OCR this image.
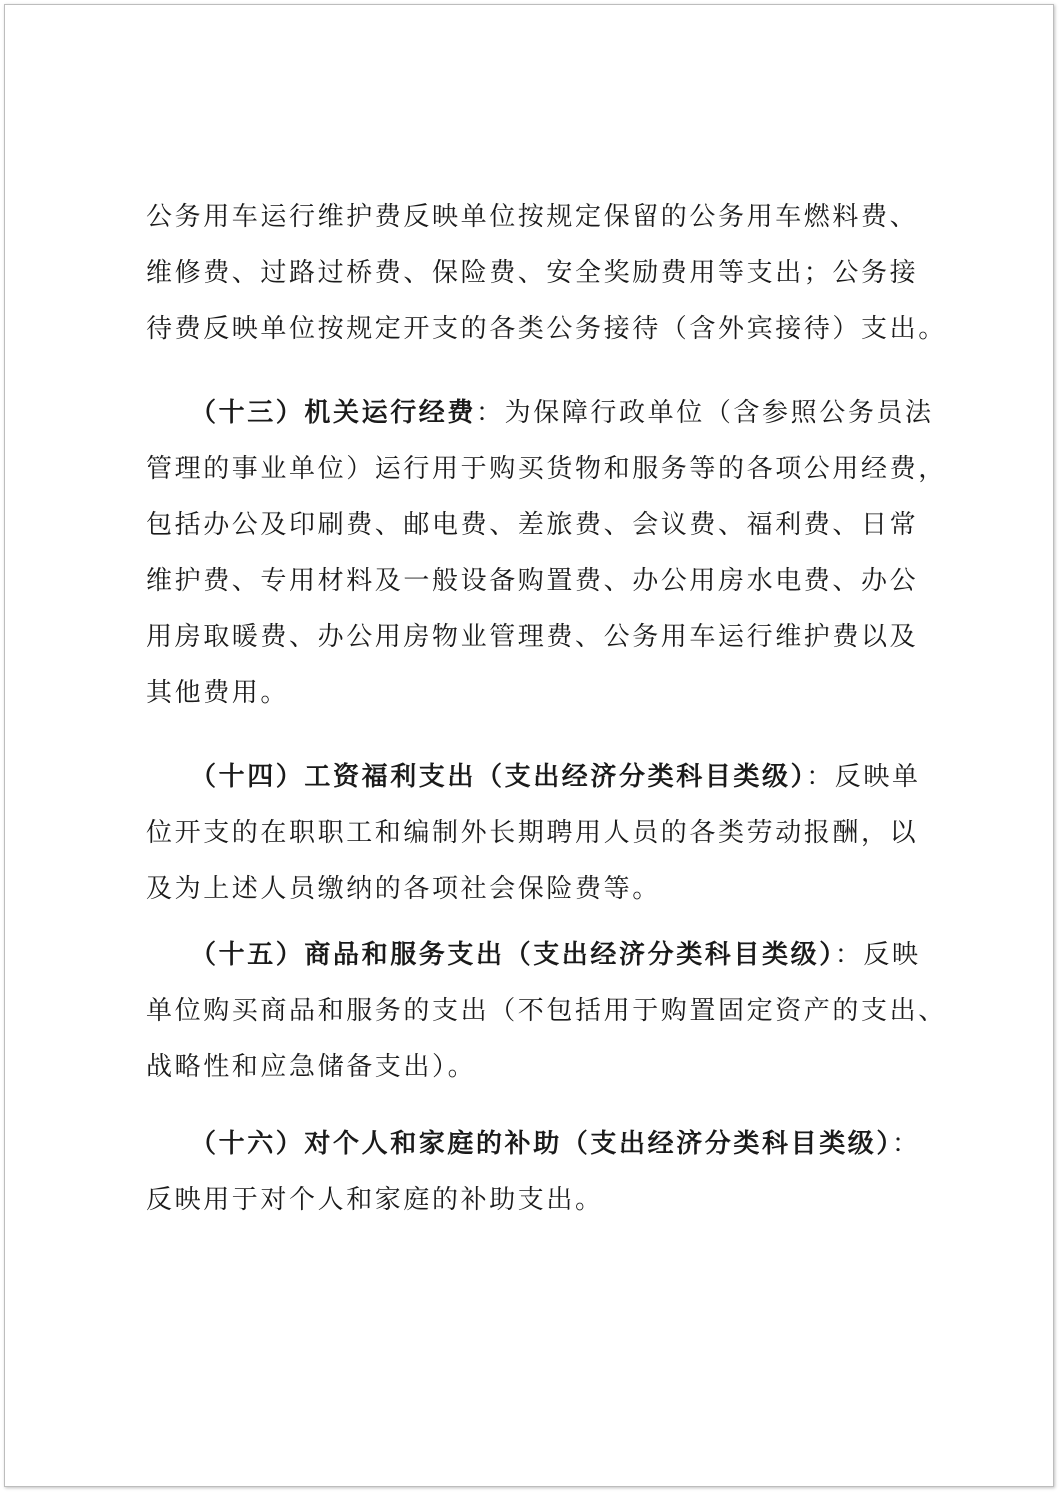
公务用车运行维护费反映单位按规定保留的公务用车燃料费、
维修费、过路过桥费、保险费、安全奖励费用等支出；公务接
待费反映单位按规定开支的各类公务接待（含外宾接待）支出。
（十三）机关运行经费：为保障行政单位（含参照公务员法
管理的事业单位）运行用于购买货物和服务等的各项公用经费，
包括办公及印刷费、邮电费、差旅费、会议费、福利费、日常
维护费、专用材料及一般设备购置费、办公用房水电费、办公
用房取暖费、办公用房物业管理费、公务用车运行维护费以及
其他费用。
（十四）工资福利支出（支出经济分类科目类级）：反映单
位开支的在职职工和编制外长期聘用人员的各类劳动报酬，以
及为上述人员缴纳的各项社会保险费等。
（十五）商品和服务支出（支出经济分类科目类级）：反映
单位购买商品和服务的支出（不包括用于购置固定资产的支出、
战略性和应急储备支出）。
（十六）对个人和家庭的补助（支出经济分类科目类级）：
反映用于对个人和家庭的补助支出。
